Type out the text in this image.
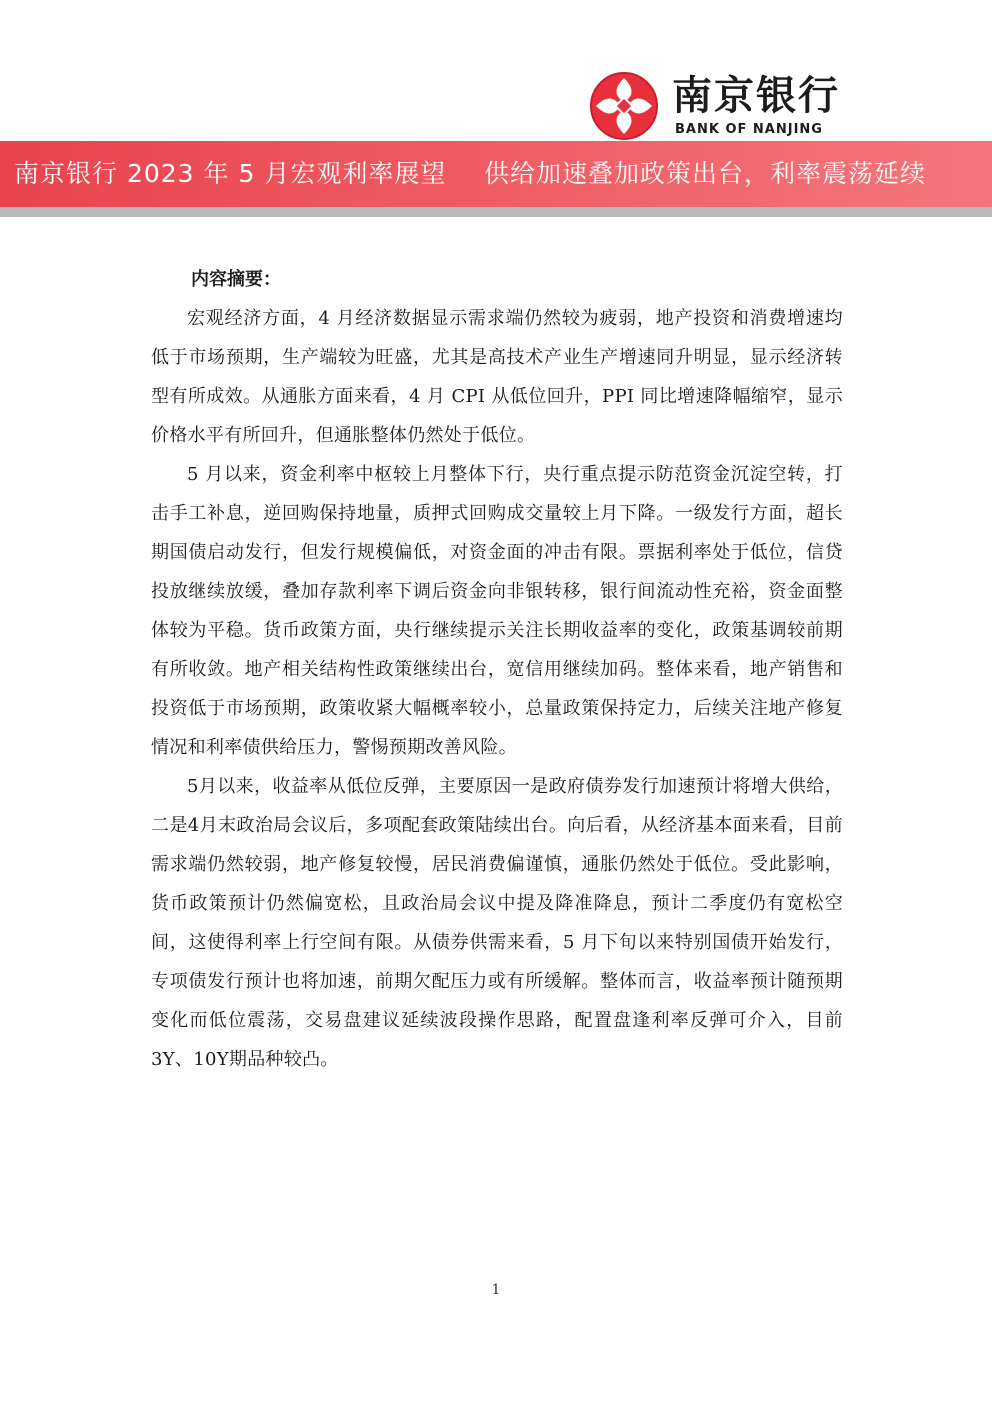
南京银行
BANK OF NANJING
南京银行 2023 年 5 月宏观利率展望 供给加速叠加政策出台，利率震荡延续
内容摘要：

宏观经济方面，4 月经济数据显示需求端仍然较为疲弱，地产投资和消费增速均低于市场预期，生产端较为旺盛，尤其是高技术产业生产增速同升明显，显示经济转型有所成效。从通胀方面来看，4 月 CPI 从低位回升，PPI 同比增速降幅缩窄，显示价格水平有所回升，但通胀整体仍然处于低位。

5 月以来，资金利率中枢较上月整体下行，央行重点提示防范资金沉淀空转，打击手工补息，逆回购保持地量，质押式回购成交量较上月下降。一级发行方面，超长期国债启动发行，但发行规模偏低，对资金面的冲击有限。票据利率处于低位，信贷投放继续放缓，叠加存款利率下调后资金向非银转移，银行间流动性充裕，资金面整体较为平稳。货币政策方面，央行继续提示关注长期收益率的变化，政策基调较前期有所收敛。地产相关结构性政策继续出台，宽信用继续加码。整体来看，地产销售和投资低于市场预期，政策收紧大幅概率较小，总量政策保持定力，后续关注地产修复情况和利率债供给压力，警惕预期改善风险。

5月以来，收益率从低位反弹，主要原因一是政府债券发行加速预计将增大供给，二是4月末政治局会议后，多项配套政策陆续出台。向后看，从经济基本面来看，目前需求端仍然较弱，地产修复较慢，居民消费偏谨慎，通胀仍然处于低位。受此影响，货币政策预计仍然偏宽松，且政治局会议中提及降准降息，预计二季度仍有宽松空间，这使得利率上行空间有限。从债券供需来看，5 月下旬以来特别国债开始发行，专项债发行预计也将加速，前期欠配压力或有所缓解。整体而言，收益率预计随预期变化而低位震荡，交易盘建议延续波段操作思路，配置盘逢利率反弹可介入，目前3Y、10Y期品种较凸。

1
